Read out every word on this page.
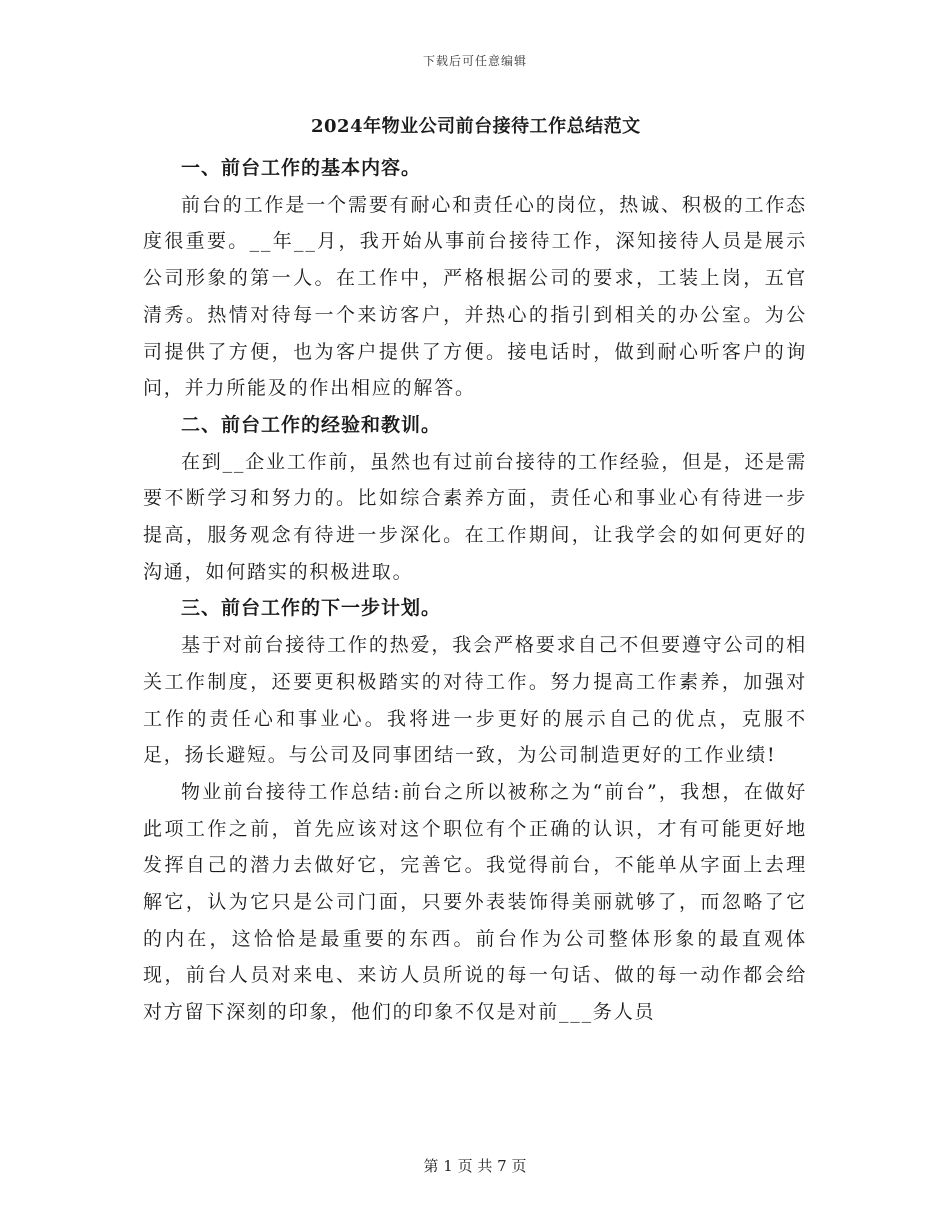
下载后可任意编辑
2024年物业公司前台接待工作总结范文

一、前台工作的基本内容。

前台的工作是一个需要有耐心和责任心的岗位，热诚、积极的工作态度很重要。__年__月，我开始从事前台接待工作，深知接待人员是展示公司形象的第一人。在工作中，严格根据公司的要求，工装上岗，五官清秀。热情对待每一个来访客户，并热心的指引到相关的办公室。为公司提供了方便，也为客户提供了方便。接电话时，做到耐心听客户的询问，并力所能及的作出相应的解答。

二、前台工作的经验和教训。

在到__企业工作前，虽然也有过前台接待的工作经验，但是，还是需要不断学习和努力的。比如综合素养方面，责任心和事业心有待进一步提高，服务观念有待进一步深化。在工作期间，让我学会的如何更好的沟通，如何踏实的积极进取。

三、前台工作的下一步计划。

基于对前台接待工作的热爱，我会严格要求自己不但要遵守公司的相关工作制度，还要更积极踏实的对待工作。努力提高工作素养，加强对工作的责任心和事业心。我将进一步更好的展示自己的优点，克服不足，扬长避短。与公司及同事团结一致，为公司制造更好的工作业绩!

物业前台接待工作总结:前台之所以被称之为“前台”，我想，在做好此项工作之前，首先应该对这个职位有个正确的认识，才有可能更好地发挥自己的潜力去做好它，完善它。我觉得前台，不能单从字面上去理解它，认为它只是公司门面，只要外表装饰得美丽就够了，而忽略了它的内在，这恰恰是最重要的东西。前台作为公司整体形象的最直观体现，前台人员对来电、来访人员所说的每一句话、做的每一动作都会给对方留下深刻的印象，他们的印象不仅是对前___务人员

第 1 页 共 7 页
